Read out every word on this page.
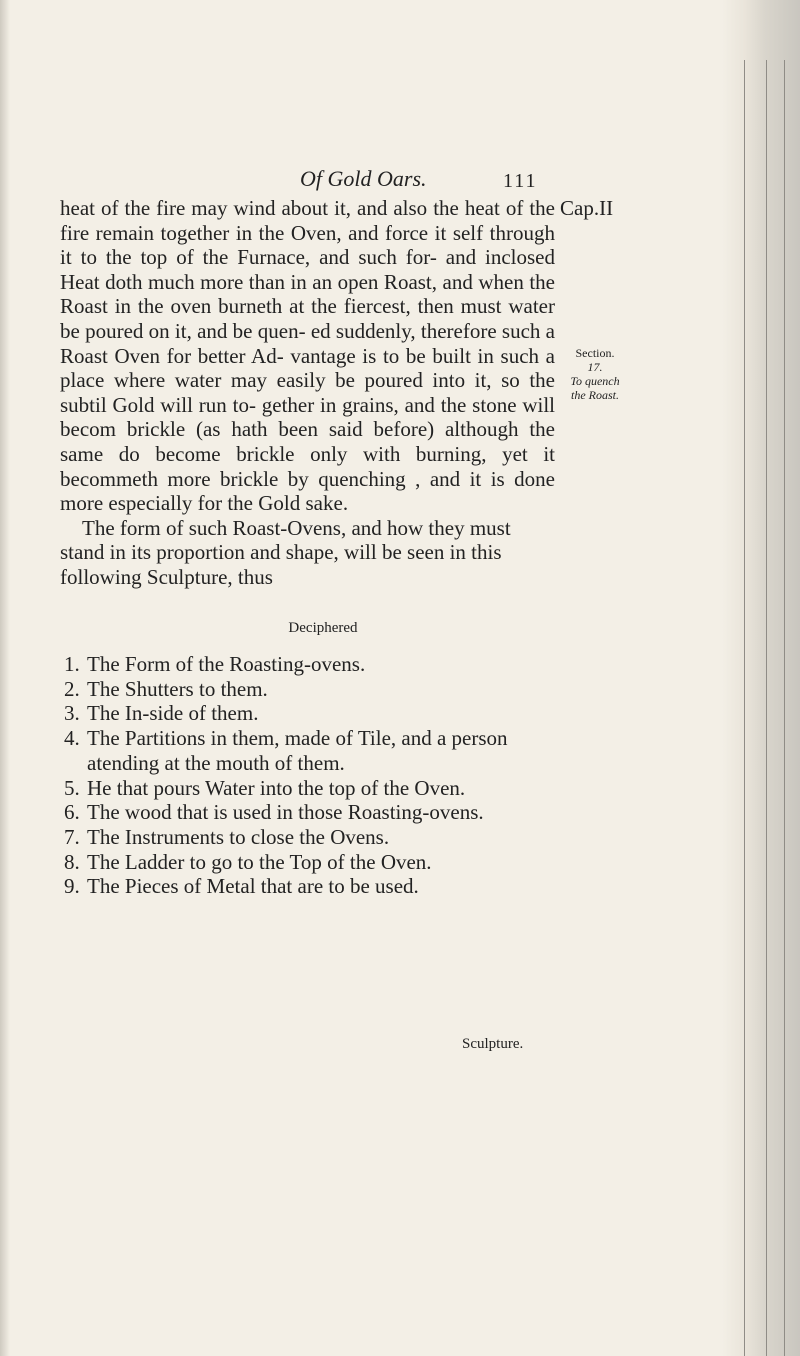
Of Gold Oars.	111
Cap.II
Section.
17.
To quench
the Roast.

heat of the fire may wind about it, and also the heat of the fire remain together in the Oven, and force it self through it to the top of the Furnace, and such for- and inclosed Heat doth much more than in an open Roast, and when the Roast in the oven burneth at the fiercest, then must water be poured on it, and be quen- ed suddenly, therefore such a Roast Oven for better Ad- vantage is to be built in such a place where water may easily be poured into it, so the subtil Gold will run to- gether in grains, and the stone will becom brickle (as hath been said before) although the same do become brickle only with burning, yet it becommeth more brickle by quenching , and it is done more especially for the Gold sake.

The form of such Roast-Ovens, and how they must stand in its proportion and shape, will be seen in this following Sculpture, thus

Deciphered
1. The Form of the Roasting-ovens.
2. The Shutters to them.
3. The In-side of them.
4. The Partitions in them, made of Tile, and a person atending at the mouth of them.
5. He that pours Water into the top of the Oven.
6. The wood that is used in those Roasting-ovens.
7. The Instruments to close the Ovens.
8. The Ladder to go to the Top of the Oven.
9. The Pieces of Metal that are to be used.
Sculpture.
